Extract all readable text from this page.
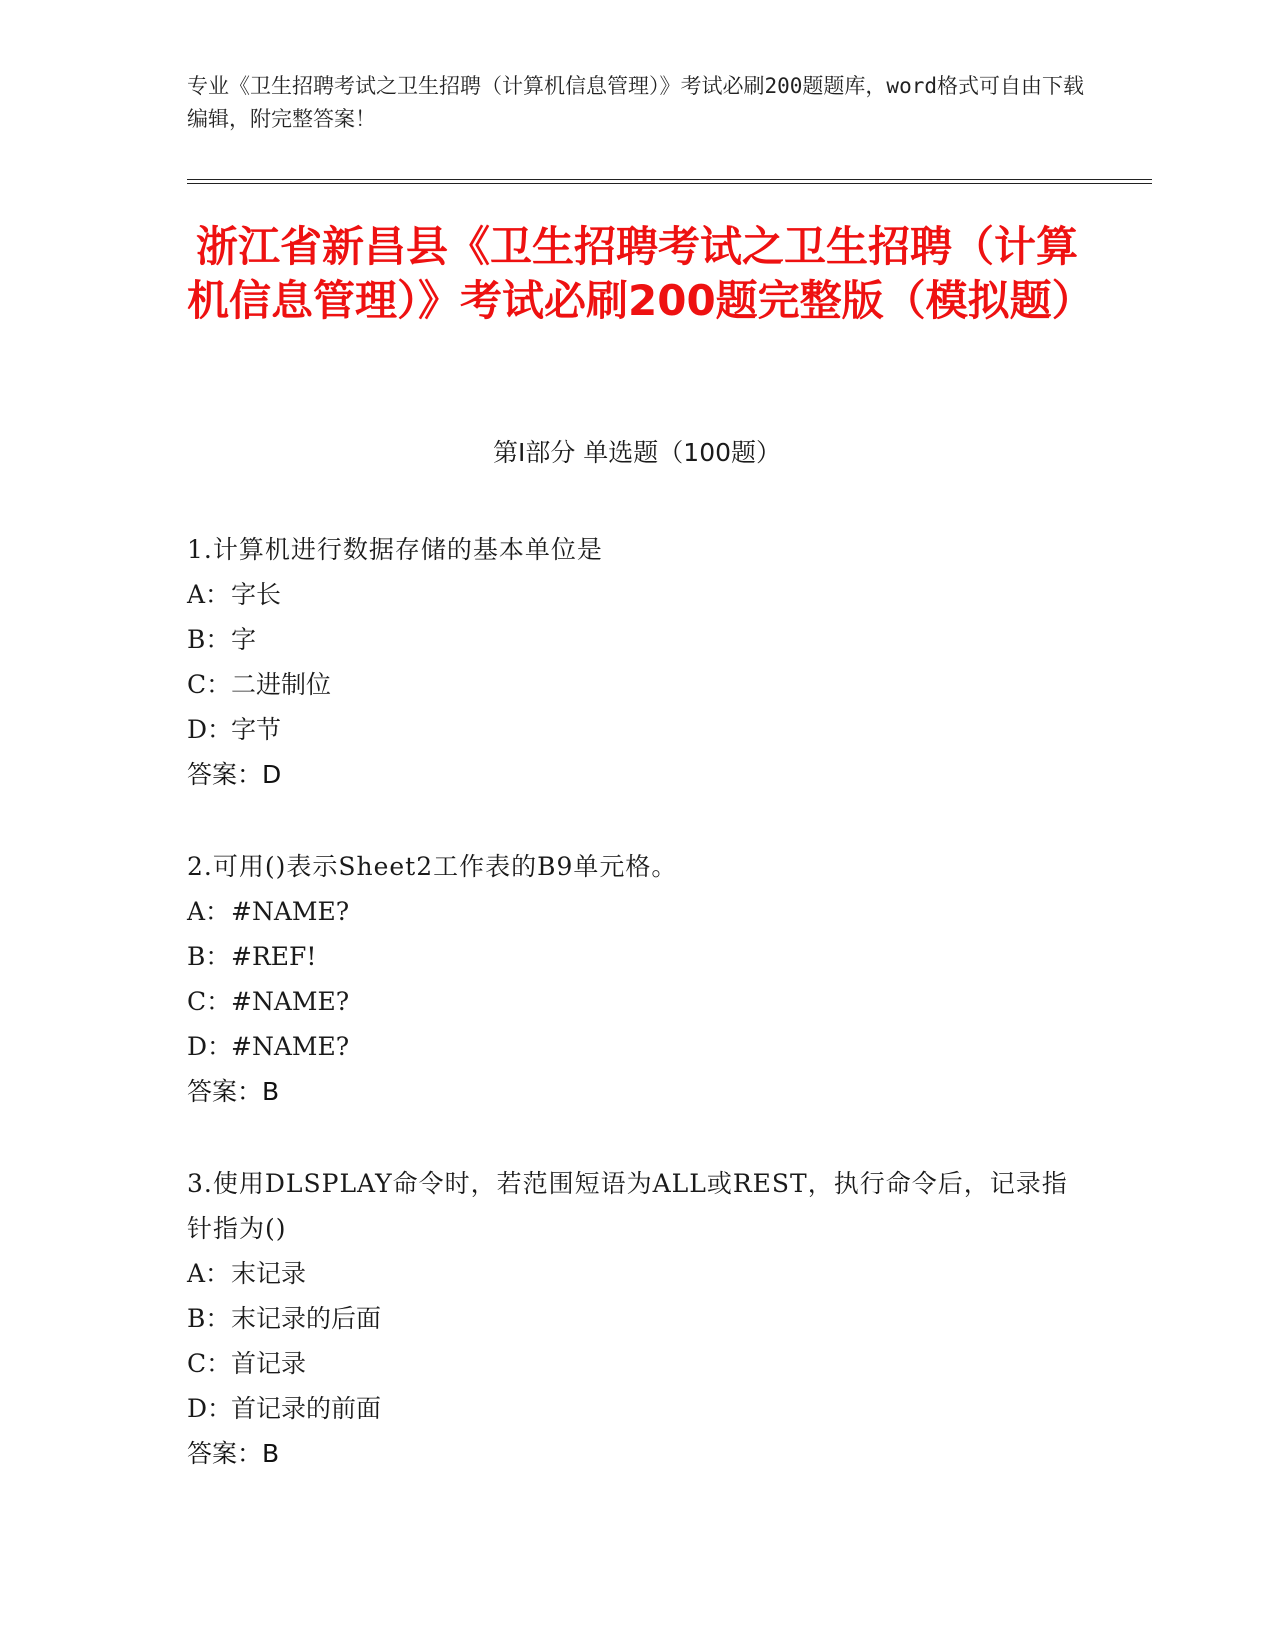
专业《卫生招聘考试之卫生招聘（计算机信息管理）》考试必刷200题题库，word格式可自由下载编辑，附完整答案！
浙江省新昌县《卫生招聘考试之卫生招聘（计算机信息管理）》考试必刷200题完整版（模拟题）
第Ⅰ部分 单选题（100题）
1.计算机进行数据存储的基本单位是
A：字长
B：字
C：二进制位
D：字节
答案：D
2.可用()表示Sheet2工作表的B9单元格。
A：#NAME?
B：#REF!
C：#NAME?
D：#NAME?
答案：B
3.使用DLSPLAY命令时，若范围短语为ALL或REST，执行命令后，记录指针指为()
A：末记录
B：末记录的后面
C：首记录
D：首记录的前面
答案：B
